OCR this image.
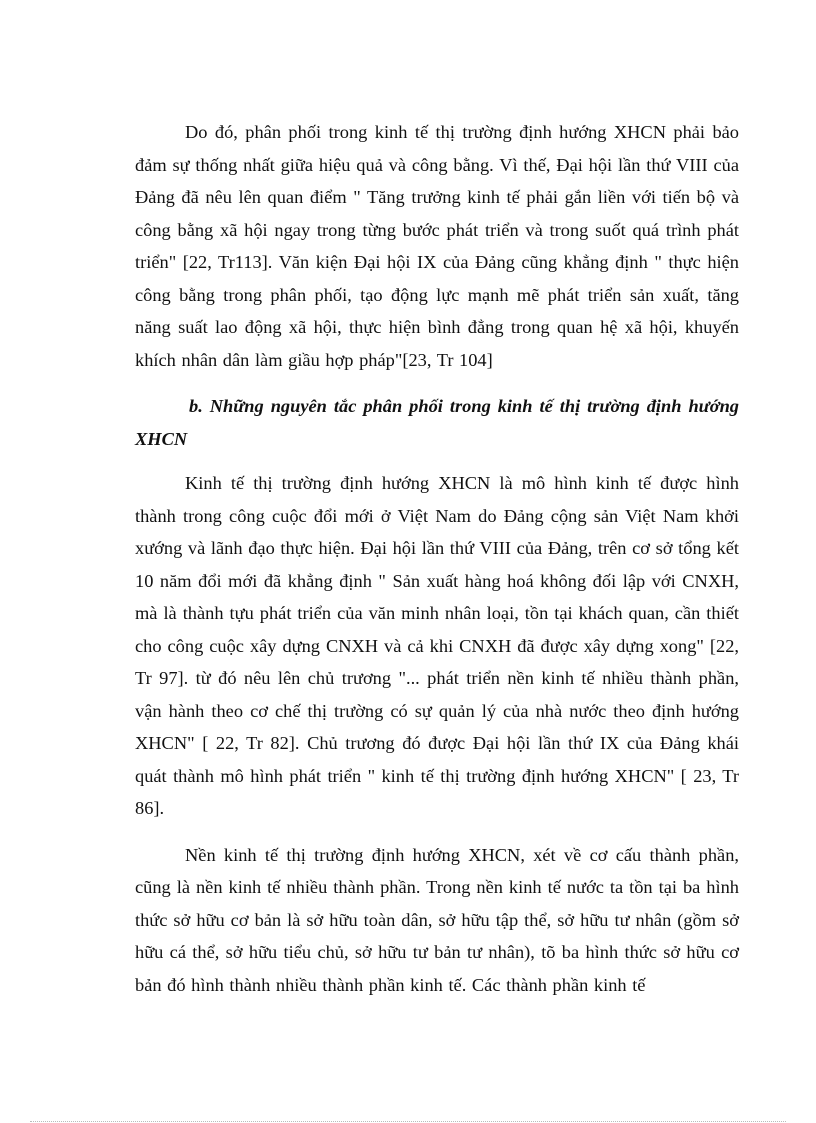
Do đó, phân phối trong kinh tế thị trường định hướng XHCN phải bảo đảm sự thống nhất giữa hiệu quả và công bằng. Vì thế, Đại hội lần thứ VIII của Đảng đã nêu lên quan điểm " Tăng trưởng kinh tế phải gắn liền với tiến bộ và công bằng xã hội ngay trong từng bước phát triển và trong suốt quá trình phát triển" [22, Tr113]. Văn kiện Đại hội IX của Đảng cũng khẳng định " thực hiện công bằng trong phân phối, tạo động lực mạnh mẽ phát triển sản xuất, tăng năng suất lao động xã hội, thực hiện bình đẳng trong quan hệ xã hội, khuyến khích nhân dân làm giầu hợp pháp"[23, Tr 104]

b. Những nguyên tắc phân phối trong kinh tế thị trường định hướng XHCN

Kinh tế thị trường định hướng XHCN là mô hình kinh tế được hình thành trong công cuộc đổi mới ở Việt Nam do Đảng cộng sản Việt Nam khởi xướng và lãnh đạo thực hiện. Đại hội lần thứ VIII của Đảng, trên cơ sở tổng kết 10 năm đổi mới đã khẳng định " Sản xuất hàng hoá không đối lập với CNXH, mà là thành tựu phát triển của văn minh nhân loại, tồn tại khách quan, cần thiết cho công cuộc xây dựng CNXH và cả khi CNXH đã được xây dựng xong" [22, Tr 97]. từ đó nêu lên chủ trương "... phát triển nền kinh tế nhiều thành phần, vận hành theo cơ chế thị trường có sự quản lý của nhà nước theo định hướng XHCN" [ 22, Tr 82]. Chủ trương đó được Đại hội lần thứ IX của Đảng khái quát thành mô hình phát triển " kinh tế thị trường định hướng XHCN" [ 23, Tr 86].

Nền kinh tế thị trường định hướng XHCN, xét về cơ cấu thành phần, cũng là nền kinh tế nhiều thành phần. Trong nền kinh tế nước ta tồn tại ba hình thức sở hữu cơ bản là sở hữu toàn dân, sở hữu tập thể, sở hữu tư nhân (gồm sở hữu cá thể, sở hữu tiểu chủ, sở hữu tư bản tư nhân), tõ ba hình thức sở hữu cơ bản đó hình thành nhiều thành phần kinh tế. Các thành phần kinh tế
